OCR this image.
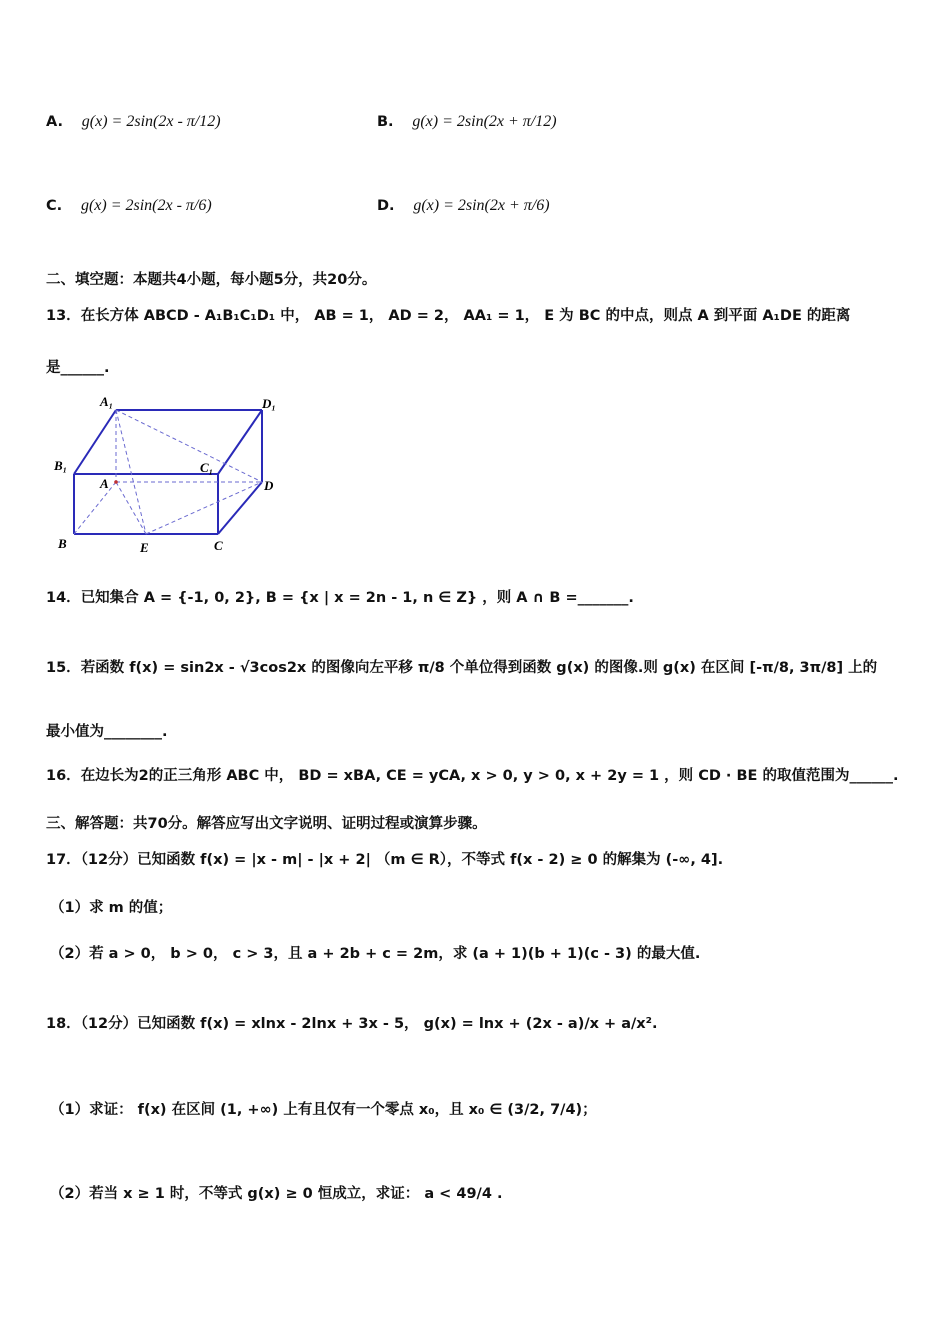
A. g(x) = 2sin(2x - π/12)	B. g(x) = 2sin(2x + π/12)
C. g(x) = 2sin(2x - π/6)	D. g(x) = 2sin(2x + π/6)
二、填空题：本题共4小题，每小题5分，共20分。
13．在长方体 ABCD - A₁B₁C₁D₁ 中， AB = 1， AD = 2， AA₁ = 1， E 为 BC 的中点，则点 A 到平面 A₁DE 的距离
是______.
A₁	D₁
B₁	C₁
A	D
B	E	C
14．已知集合 A = {-1, 0, 2}, B = {x | x = 2n - 1, n ∈ Z} ，则 A ∩ B =_______.
15．若函数 f(x) = sin2x - √3cos2x 的图像向左平移 π/8 个单位得到函数 g(x) 的图像.则 g(x) 在区间 [-π/8, 3π/8] 上的
最小值为________.
16．在边长为2的正三角形 ABC 中， BD = xBA, CE = yCA, x > 0, y > 0, x + 2y = 1 ，则 CD · BE 的取值范围为______.
三、解答题：共70分。解答应写出文字说明、证明过程或演算步骤。
17．（12分）已知函数 f(x) = |x - m| - |x + 2| （m ∈ R），不等式 f(x - 2) ≥ 0 的解集为 (-∞, 4].
（1）求 m 的值；
（2）若 a > 0， b > 0， c > 3，且 a + 2b + c = 2m，求 (a + 1)(b + 1)(c - 3) 的最大值.
18．（12分）已知函数 f(x) = xlnx - 2lnx + 3x - 5， g(x) = lnx + (2x - a)/x + a/x².
（1）求证： f(x) 在区间 (1, +∞) 上有且仅有一个零点 x₀，且 x₀ ∈ (3/2, 7/4)；
（2）若当 x ≥ 1 时，不等式 g(x) ≥ 0 恒成立，求证： a < 49/4 .
